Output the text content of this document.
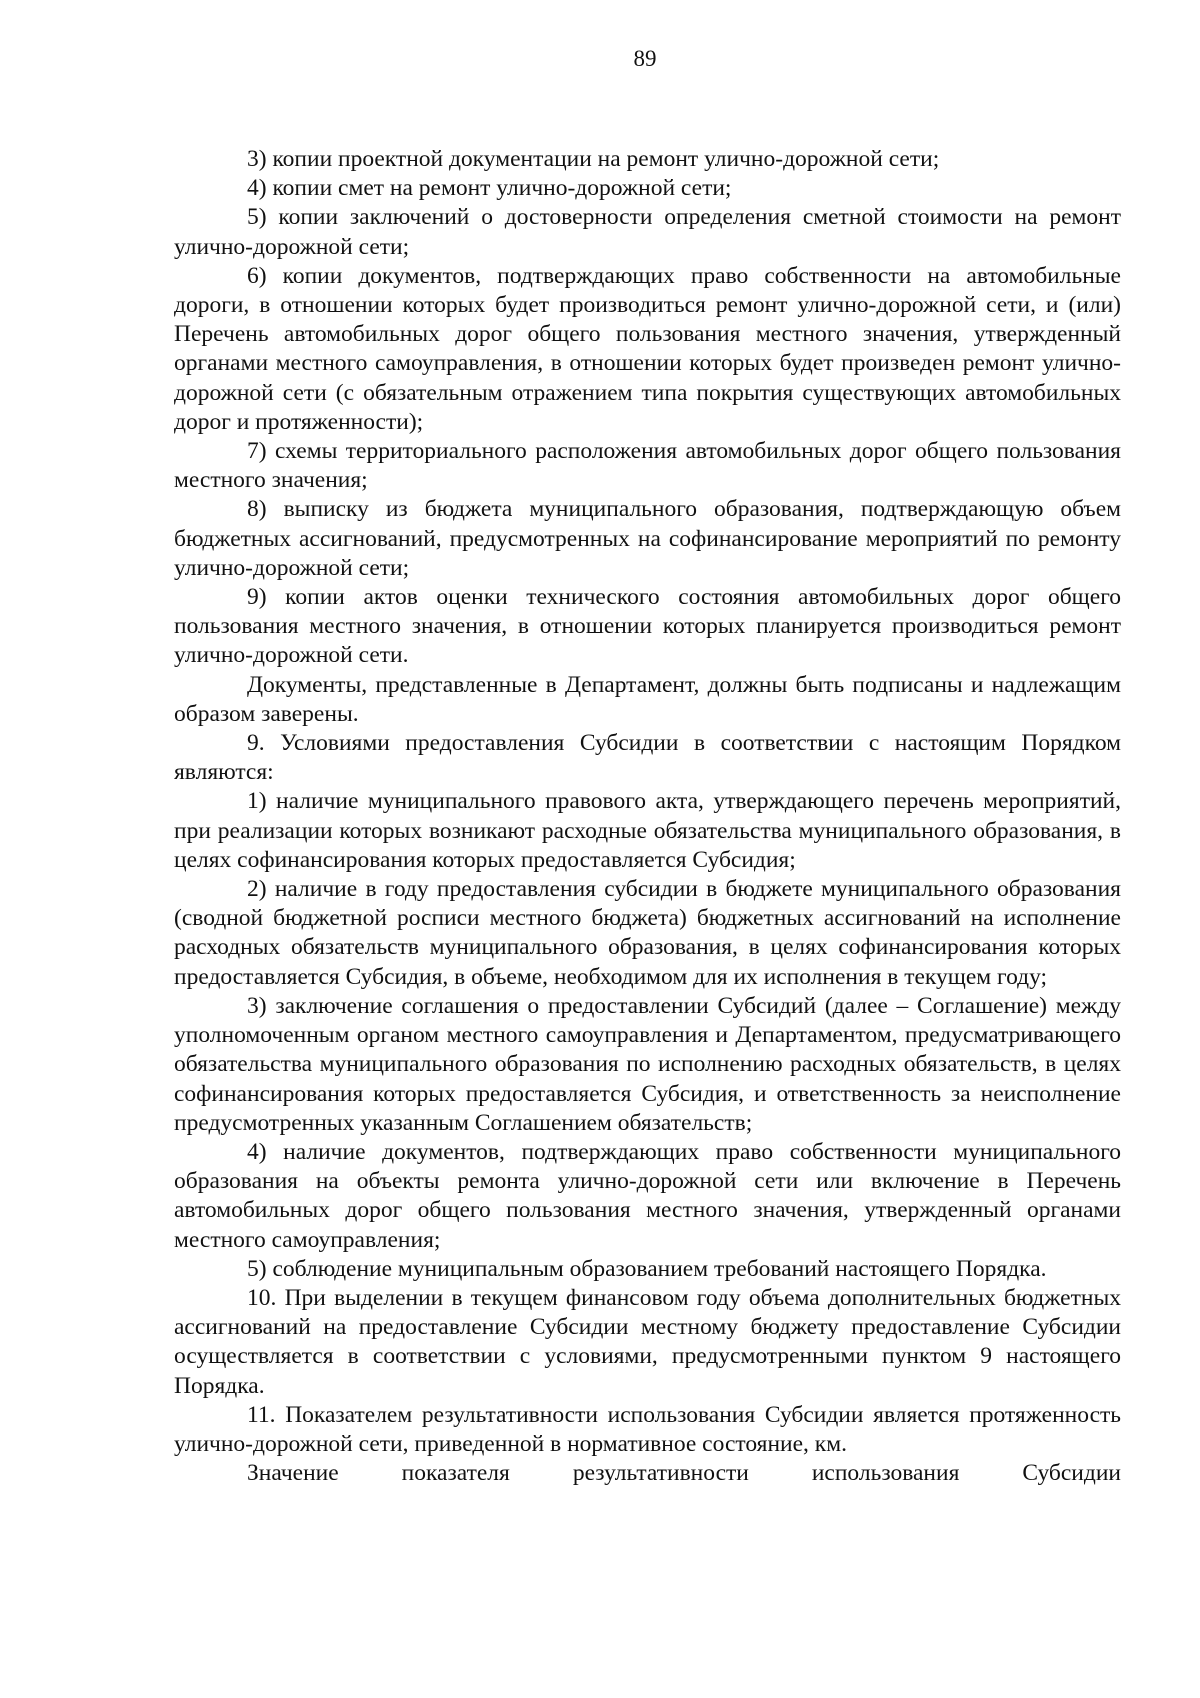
89

3) копии проектной документации на ремонт улично-дорожной сети;

4) копии смет на ремонт улично-дорожной сети;

5) копии заключений о достоверности определения сметной стоимости на ремонт улично-дорожной сети;

6) копии документов, подтверждающих право собственности на автомобильные дороги, в отношении которых будет производиться ремонт улично-дорожной сети, и (или) Перечень автомобильных дорог общего пользования местного значения, утвержденный органами местного самоуправления, в отношении которых будет произведен ремонт улично-дорожной сети (с обязательным отражением типа покрытия существующих автомобильных дорог и протяженности);

7) схемы территориального расположения автомобильных дорог общего пользования местного значения;

8) выписку из бюджета муниципального образования, подтверждающую объем бюджетных ассигнований, предусмотренных на софинансирование мероприятий по ремонту улично-дорожной сети;

9) копии актов оценки технического состояния автомобильных дорог общего пользования местного значения, в отношении которых планируется производиться ремонт улично-дорожной сети.

Документы, представленные в Департамент, должны быть подписаны и надлежащим образом заверены.

9. Условиями предоставления Субсидии в соответствии с настоящим Порядком являются:

1) наличие муниципального правового акта, утверждающего перечень мероприятий, при реализации которых возникают расходные обязательства муниципального образования, в целях софинансирования которых предоставляется Субсидия;

2) наличие в году предоставления субсидии в бюджете муниципального образования (сводной бюджетной росписи местного бюджета) бюджетных ассигнований на исполнение расходных обязательств муниципального образования, в целях софинансирования которых предоставляется Субсидия, в объеме, необходимом для их исполнения в текущем году;

3) заключение соглашения о предоставлении Субсидий (далее – Соглашение) между уполномоченным органом местного самоуправления и Департаментом, предусматривающего обязательства муниципального образования по исполнению расходных обязательств, в целях софинансирования которых предоставляется Субсидия, и ответственность за неисполнение предусмотренных указанным Соглашением обязательств;

4) наличие документов, подтверждающих право собственности муниципального образования на объекты ремонта улично-дорожной сети или включение в Перечень автомобильных дорог общего пользования местного значения, утвержденный органами местного самоуправления;

5) соблюдение муниципальным образованием требований настоящего Порядка.

10. При выделении в текущем финансовом году объема дополнительных бюджетных ассигнований на предоставление Субсидии местному бюджету предоставление Субсидии осуществляется в соответствии с условиями, предусмотренными пунктом 9 настоящего Порядка.

11. Показателем результативности использования Субсидии является протяженность улично-дорожной сети, приведенной в нормативное состояние, км.

Значение показателя результативности использования Субсидии
